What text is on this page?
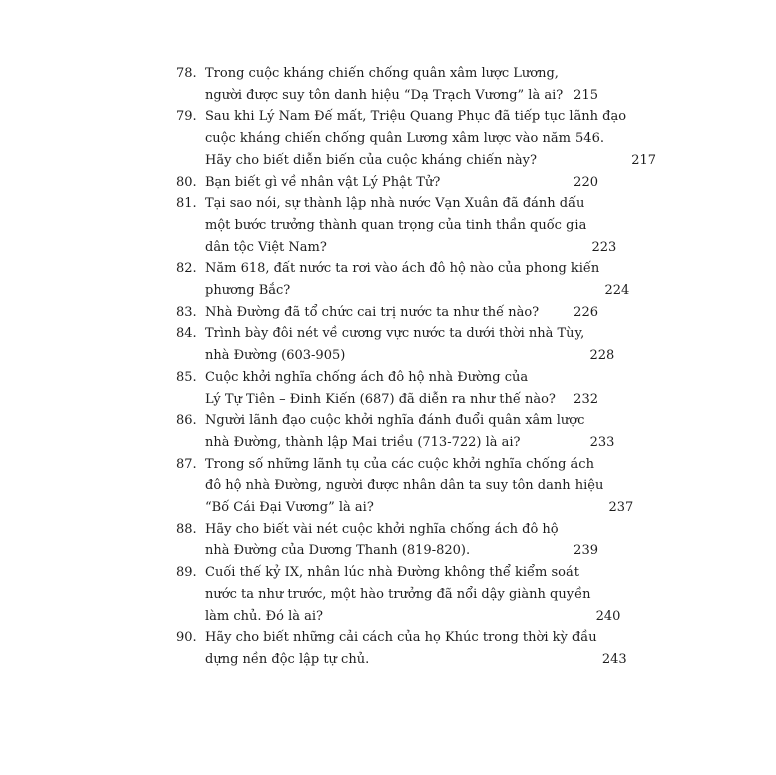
78. Trong cuộc kháng chiến chống quân xâm lược Lương,
người được suy tôn danh hiệu “Dạ Trạch Vương” là ai? 215
79. Sau khi Lý Nam Đế mất, Triệu Quang Phục đã tiếp tục lãnh đạo
cuộc kháng chiến chống quân Lương xâm lược vào năm 546.
Hãy cho biết diễn biến của cuộc kháng chiến này?	217
80. Bạn biết gì về nhân vật Lý Phật Tử?	220
81. Tại sao nói, sự thành lập nhà nước Vạn Xuân đã đánh dấu
một bước trưởng thành quan trọng của tinh thần quốc gia
dân tộc Việt Nam?	223
82. Năm 618, đất nước ta rơi vào ách đô hộ nào của phong kiến
phương Bắc?	224
83. Nhà Đường đã tổ chức cai trị nước ta như thế nào?	226
84. Trình bày đôi nét về cương vực nước ta dưới thời nhà Tùy,
nhà Đường (603-905)	228
85. Cuộc khởi nghĩa chống ách đô hộ nhà Đường của
Lý Tự Tiên – Đinh Kiến (687) đã diễn ra như thế nào?	232
86. Người lãnh đạo cuộc khởi nghĩa đánh đuổi quân xâm lược
nhà Đường, thành lập Mai triều (713-722) là ai?	233
87. Trong số những lãnh tụ của các cuộc khởi nghĩa chống ách
đô hộ nhà Đường, người được nhân dân ta suy tôn danh hiệu
“Bố Cái Đại Vương” là ai?	237
88. Hãy cho biết vài nét cuộc khởi nghĩa chống ách đô hộ
nhà Đường của Dương Thanh (819-820).	239
89. Cuối thế kỷ IX, nhân lúc nhà Đường không thể kiểm soát
nước ta như trước, một hào trưởng đã nổi dậy giành quyền
làm chủ. Đó là ai?	240
90. Hãy cho biết những cải cách của họ Khúc trong thời kỳ đầu
dựng nền độc lập tự chủ.	243
